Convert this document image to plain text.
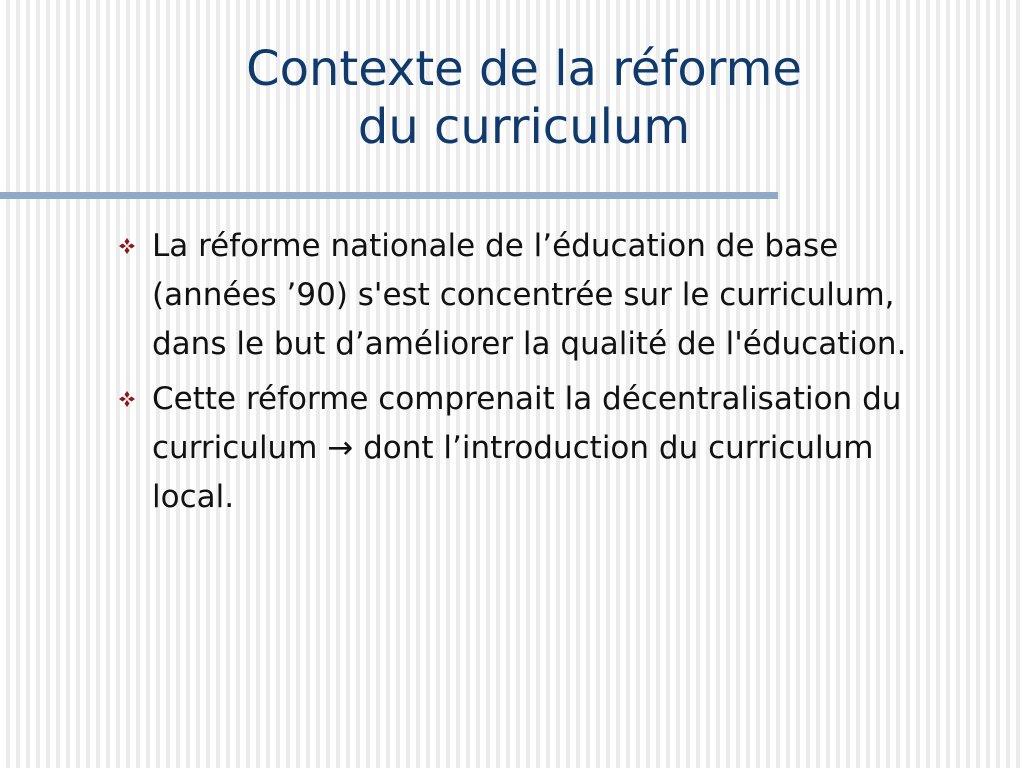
Contexte de la réforme
du curriculum
La réforme nationale de l’éducation de base (années ’90) s'est concentrée sur le curriculum, dans le but d’améliorer la qualité de l'éducation.
Cette réforme comprenait la décentralisation du curriculum → dont l’introduction du curriculum local.
